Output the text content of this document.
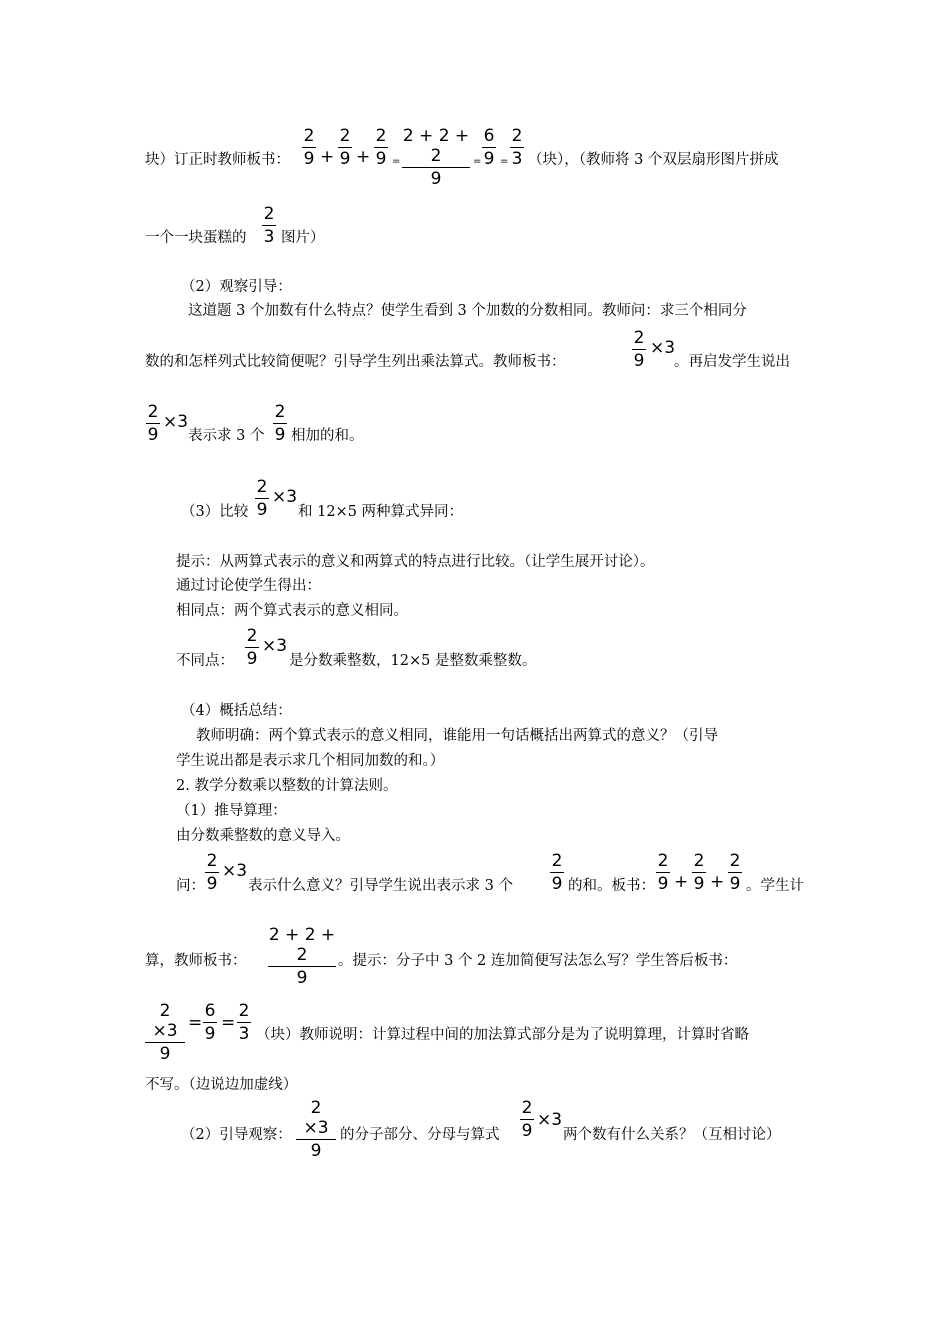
块）订正时教师板书：
2
9 +
2
9 +
2
9 =
2 + 2 + 2
9
=
6
9 =
2
3 （块），（教师将 3 个双层扇形图片拼成
一个一块蛋糕的
2
3 图片）
（2）观察引导：
这道题 3 个加数有什么特点？使学生看到 3 个加数的分数相同。教师问：求三个相同分
数的和怎样列式比较简便呢？引导学生列出乘法算式。教师板书：
2
9
×3
。再启发学生说出
2
9
×3
表示求 3 个
2
9 相加的和。
（3）比较
2
9
×3
和 12×5 两种算式异同：
提示：从两算式表示的意义和两算式的特点进行比较。（让学生展开讨论）。
通过讨论使学生得出：
相同点：两个算式表示的意义相同。
不同点：
2
9
×3
是分数乘整数，12×5 是整数乘整数。
（4）概括总结：
教师明确：两个算式表示的意义相同，谁能用一句话概括出两算式的意义？（引导
学生说出都是表示求几个相同加数的和。）
2. 教学分数乘以整数的计算法则。
（1）推导算理：
由分数乘整数的意义导入。
问：
2
9
×3
表示什么意义？引导学生说出表示求 3 个
2
9 的和。板书：
2
9 +
2
9 +
2
9 。学生计
算，教师板书：
2 + 2 + 2
9
。提示：分子中 3 个 2 连加简便写法怎么写？学生答后板书：
2 ×3
9
=
6
9
=
2
3 （块）教师说明：计算过程中间的加法算式部分是为了说明算理，计算时省略
不写。（边说边加虚线）
（2）引导观察：
2 ×3
9
的分子部分、分母与算式
2
9
×3
两个数有什么关系？（互相讨论）
